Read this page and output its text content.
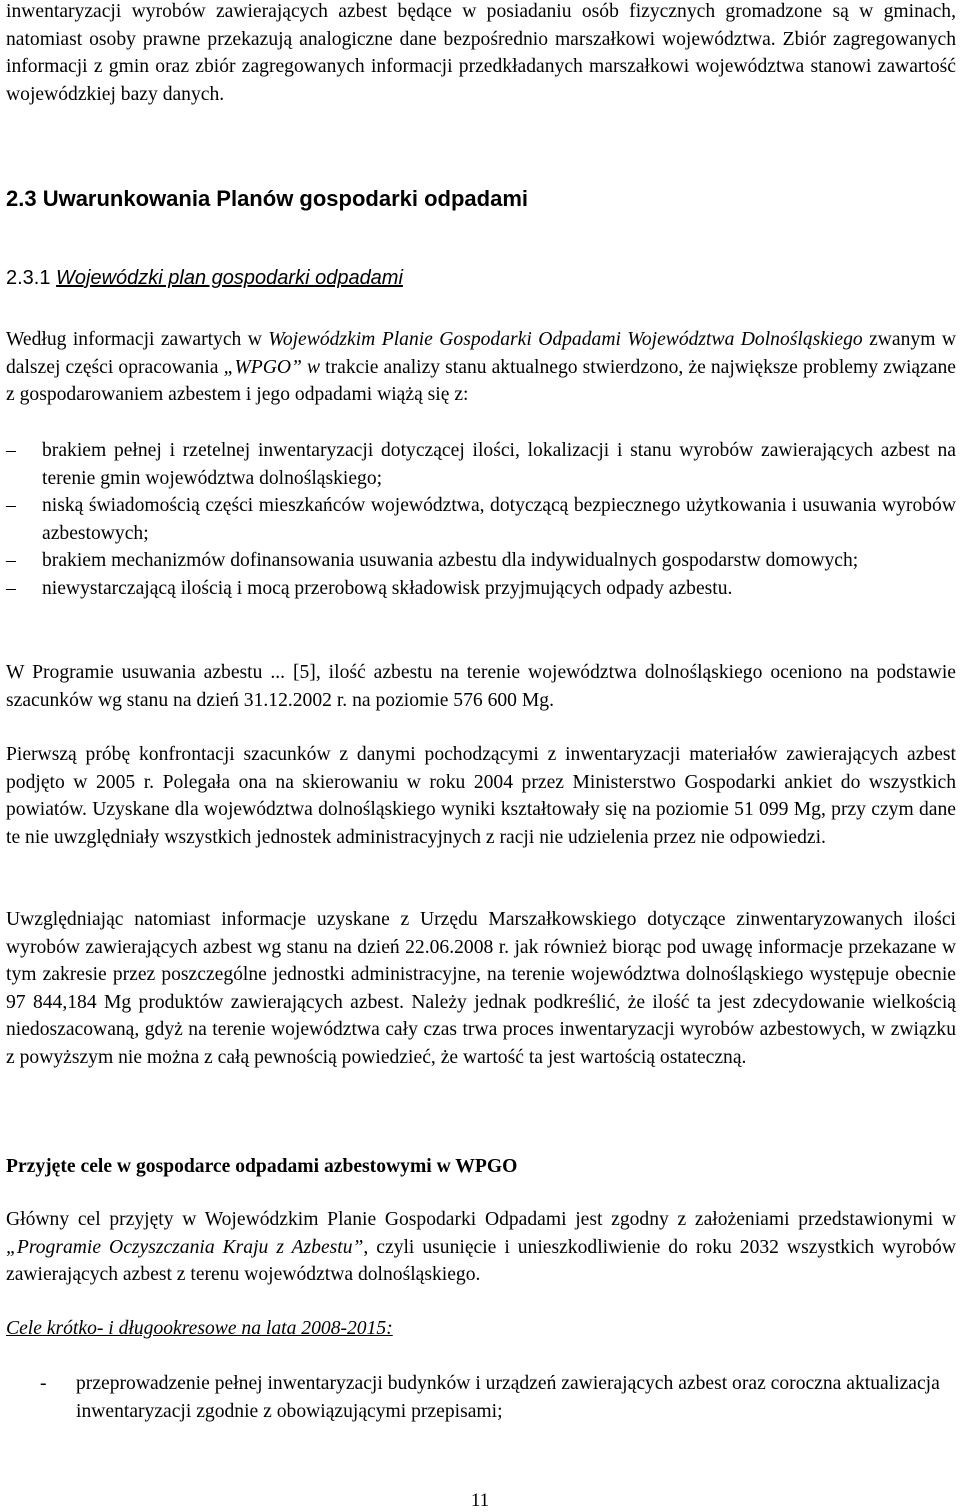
inwentaryzacji wyrobów zawierających azbest będące w posiadaniu osób fizycznych gromadzone są w gminach, natomiast osoby prawne przekazują analogiczne dane bezpośrednio marszałkowi województwa. Zbiór zagregowanych informacji z gmin oraz zbiór zagregowanych informacji przedkładanych marszałkowi województwa stanowi zawartość wojewódzkiej bazy danych.

2.3 Uwarunkowania Planów gospodarki odpadami
2.3.1 Wojewódzki plan gospodarki odpadami

Według informacji zawartych w Wojewódzkim Planie Gospodarki Odpadami Województwa Dolnośląskiego zwanym w dalszej części opracowania „WPGO” w trakcie analizy stanu aktualnego stwierdzono, że największe problemy związane z gospodarowaniem azbestem i jego odpadami wiążą się z:

– brakiem pełnej i rzetelnej inwentaryzacji dotyczącej ilości, lokalizacji i stanu wyrobów zawierających azbest na terenie gmin województwa dolnośląskiego;
– niską świadomością części mieszkańców województwa, dotyczącą bezpiecznego użytkowania i usuwania wyrobów azbestowych;
– brakiem mechanizmów dofinansowania usuwania azbestu dla indywidualnych gospodarstw domowych;
– niewystarczającą ilością i mocą przerobową składowisk przyjmujących odpady azbestu.

W Programie usuwania azbestu ... [5], ilość azbestu na terenie województwa dolnośląskiego oceniono na podstawie szacunków wg stanu na dzień 31.12.2002 r. na poziomie 576 600 Mg.

Pierwszą próbę konfrontacji szacunków z danymi pochodzącymi z inwentaryzacji materiałów zawierających azbest podjęto w 2005 r. Polegała ona na skierowaniu w roku 2004 przez Ministerstwo Gospodarki ankiet do wszystkich powiatów. Uzyskane dla województwa dolnośląskiego wyniki kształtowały się na poziomie 51 099 Mg, przy czym dane te nie uwzględniały wszystkich jednostek administracyjnych z racji nie udzielenia przez nie odpowiedzi.

Uwzględniając natomiast informacje uzyskane z Urzędu Marszałkowskiego dotyczące zinwentaryzowanych ilości wyrobów zawierających azbest wg stanu na dzień 22.06.2008 r. jak również biorąc pod uwagę informacje przekazane w tym zakresie przez poszczególne jednostki administracyjne, na terenie województwa dolnośląskiego występuje obecnie 97 844,184 Mg produktów zawierających azbest. Należy jednak podkreślić, że ilość ta jest zdecydowanie wielkością niedoszacowaną, gdyż na terenie województwa cały czas trwa proces inwentaryzacji wyrobów azbestowych, w związku z powyższym nie można z całą pewnością powiedzieć, że wartość ta jest wartością ostateczną.

Przyjęte cele w gospodarce odpadami azbestowymi w WPGO

Główny cel przyjęty w Wojewódzkim Planie Gospodarki Odpadami jest zgodny z założeniami przedstawionymi w „Programie Oczyszczania Kraju z Azbestu”, czyli usunięcie i unieszkodliwienie do roku 2032 wszystkich wyrobów zawierających azbest z terenu województwa dolnośląskiego.

Cele krótko- i długookresowe na lata 2008-2015:

- przeprowadzenie pełnej inwentaryzacji budynków i urządzeń zawierających azbest oraz coroczna aktualizacja inwentaryzacji zgodnie z obowiązującymi przepisami;
11
